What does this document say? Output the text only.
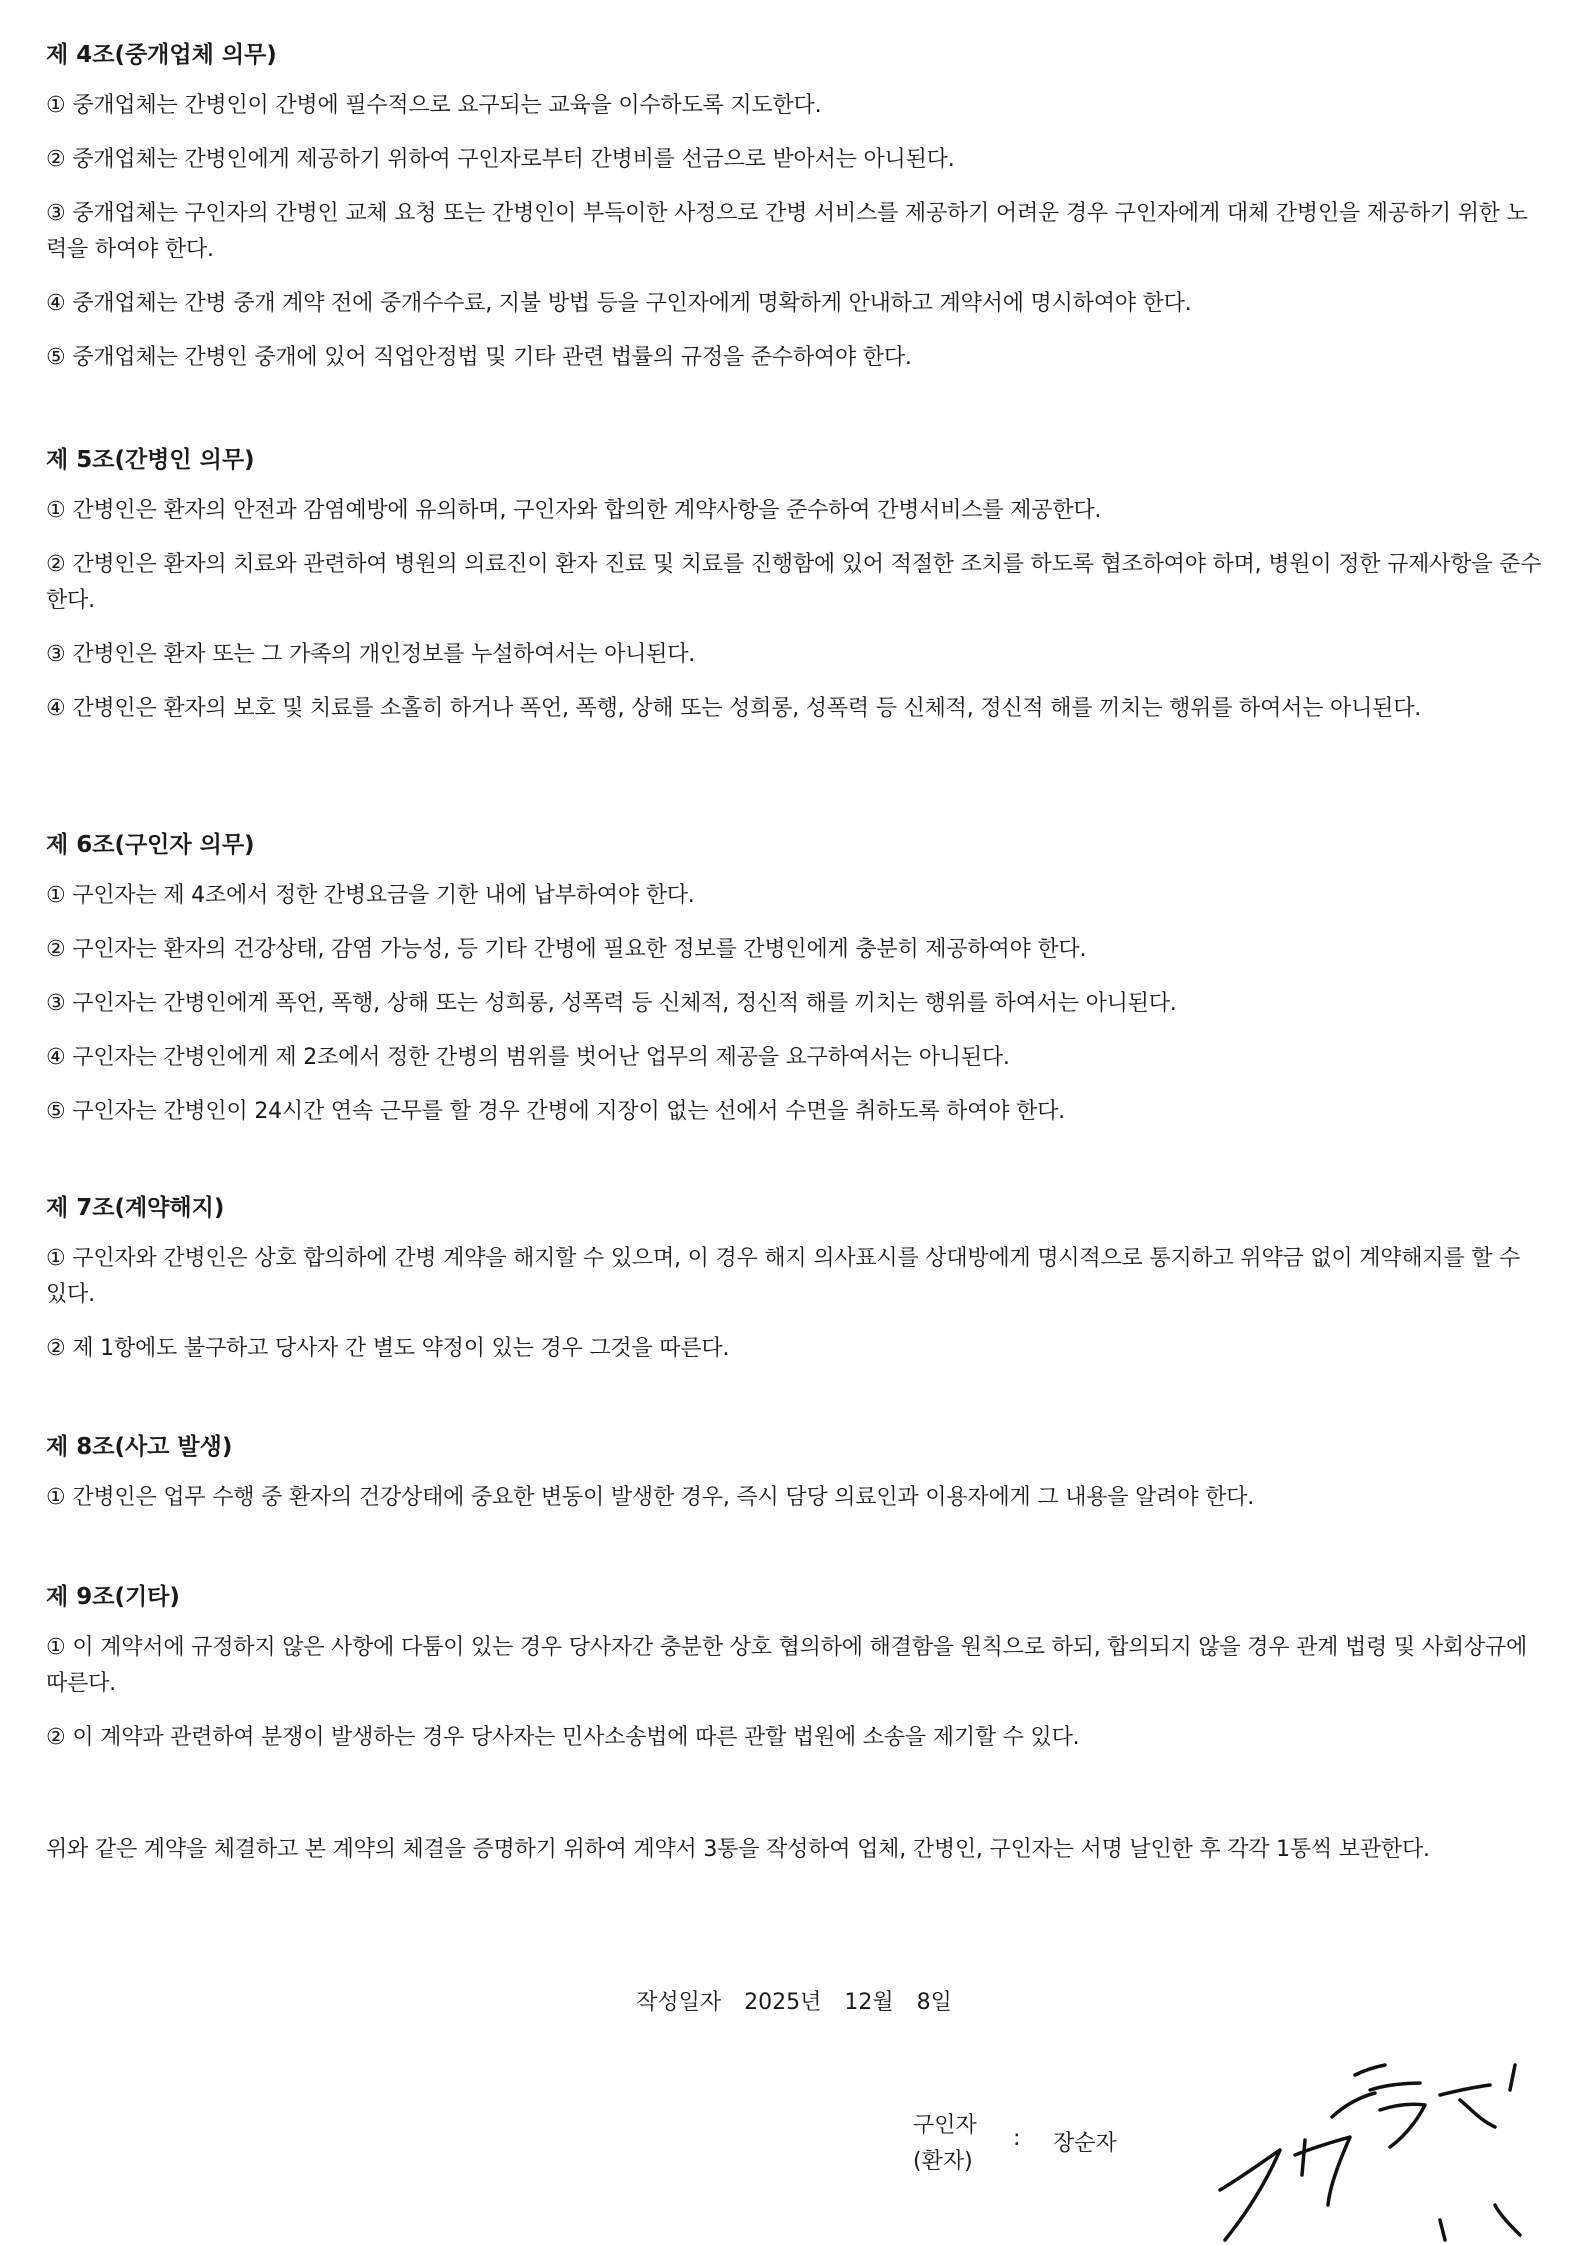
제 4조(중개업체 의무)
① 중개업체는 간병인이 간병에 필수적으로 요구되는 교육을 이수하도록 지도한다.
② 중개업체는 간병인에게 제공하기 위하여 구인자로부터 간병비를 선금으로 받아서는 아니된다.
③ 중개업체는 구인자의 간병인 교체 요청 또는 간병인이 부득이한 사정으로 간병 서비스를 제공하기 어려운 경우 구인자에게 대체 간병인을 제공하기 위한 노력을 하여야 한다.
④ 중개업체는 간병 중개 계약 전에 중개수수료, 지불 방법 등을 구인자에게 명확하게 안내하고 계약서에 명시하여야 한다.
⑤ 중개업체는 간병인 중개에 있어 직업안정법 및 기타 관련 법률의 규정을 준수하여야 한다.
제 5조(간병인 의무)
① 간병인은 환자의 안전과 감염예방에 유의하며, 구인자와 합의한 계약사항을 준수하여 간병서비스를 제공한다.
② 간병인은 환자의 치료와 관련하여 병원의 의료진이 환자 진료 및 치료를 진행함에 있어 적절한 조치를 하도록 협조하여야 하며, 병원이 정한 규제사항을 준수한다.
③ 간병인은 환자 또는 그 가족의 개인정보를 누설하여서는 아니된다.
④ 간병인은 환자의 보호 및 치료를 소홀히 하거나 폭언, 폭행, 상해 또는 성희롱, 성폭력 등 신체적, 정신적 해를 끼치는 행위를 하여서는 아니된다.
제 6조(구인자 의무)
① 구인자는 제 4조에서 정한 간병요금을 기한 내에 납부하여야 한다.
② 구인자는 환자의 건강상태, 감염 가능성, 등 기타 간병에 필요한 정보를 간병인에게 충분히 제공하여야 한다.
③ 구인자는 간병인에게 폭언, 폭행, 상해 또는 성희롱, 성폭력 등 신체적, 정신적 해를 끼치는 행위를 하여서는 아니된다.
④ 구인자는 간병인에게 제 2조에서 정한 간병의 범위를 벗어난 업무의 제공을 요구하여서는 아니된다.
⑤ 구인자는 간병인이 24시간 연속 근무를 할 경우 간병에 지장이 없는 선에서 수면을 취하도록 하여야 한다.
제 7조(계약해지)
① 구인자와 간병인은 상호 합의하에 간병 계약을 해지할 수 있으며, 이 경우 해지 의사표시를 상대방에게 명시적으로 통지하고 위약금 없이 계약해지를 할 수 있다.
② 제 1항에도 불구하고 당사자 간 별도 약정이 있는 경우 그것을 따른다.
제 8조(사고 발생)
① 간병인은 업무 수행 중 환자의 건강상태에 중요한 변동이 발생한 경우, 즉시 담당 의료인과 이용자에게 그 내용을 알려야 한다.
제 9조(기타)
① 이 계약서에 규정하지 않은 사항에 다툼이 있는 경우 당사자간 충분한 상호 협의하에 해결함을 원칙으로 하되, 합의되지 않을 경우 관계 법령 및 사회상규에 따른다.
② 이 계약과 관련하여 분쟁이 발생하는 경우 당사자는 민사소송법에 따른 관할 법원에 소송을 제기할 수 있다.
위와 같은 계약을 체결하고 본 계약의 체결을 증명하기 위하여 계약서 3통을 작성하여 업체, 간병인, 구인자는 서명 날인한 후 각각 1통씩 보관한다.
작성일자 2025년 12월 8일
구인자
(환자)
: 장순자
